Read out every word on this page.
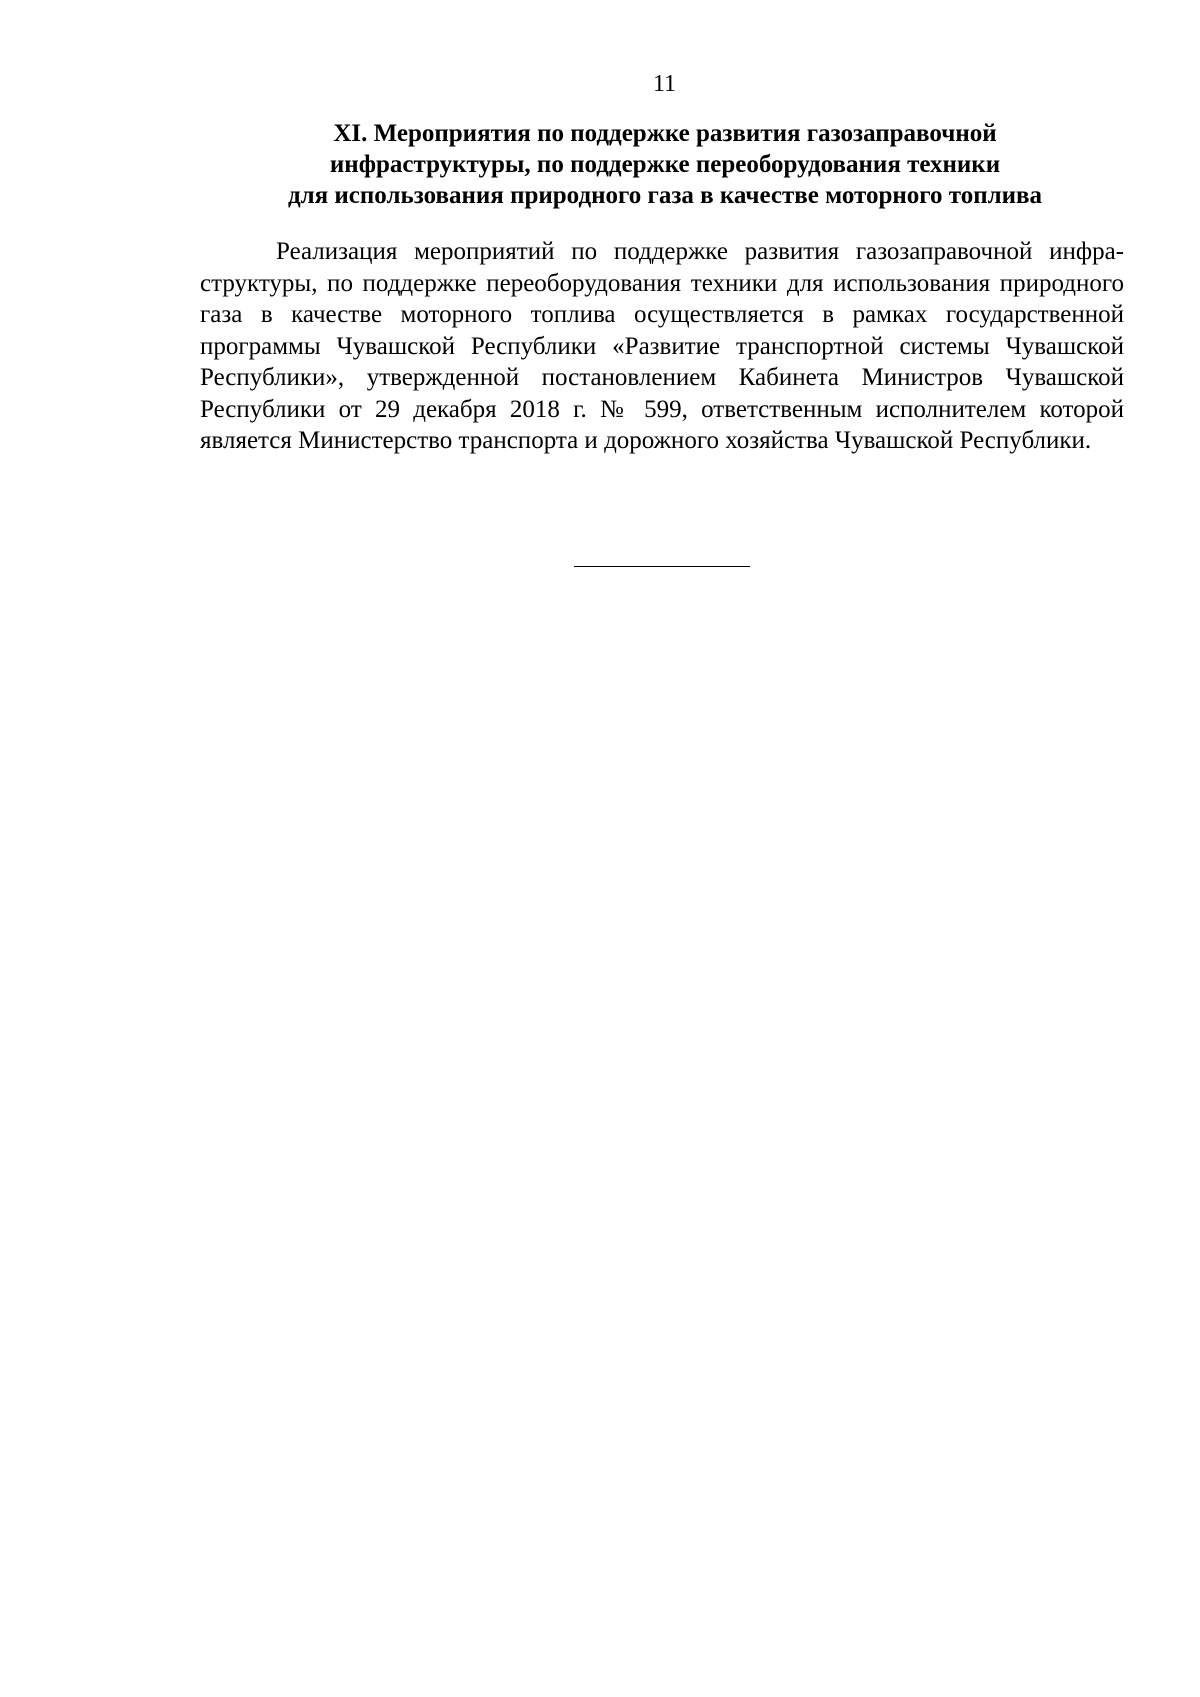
11
XI. Мероприятия по поддержке развития газозаправочной
инфраструктуры, по поддержке переоборудования техники
для использования природного газа в качестве моторного топлива

Реализация мероприятий по поддержке развития газозаправочной инфраструктуры, по поддержке переоборудования техники для использования природного газа в качестве моторного топлива осуществляется в рамках государственной программы Чувашской Республики «Развитие транспортной системы Чувашской Республики», утвержденной постановлением Кабинета Министров Чувашской Республики от 29 декабря 2018 г. № 599, ответственным исполнителем которой является Министерство транспорта и дорожного хозяйства Чувашской Республики.
